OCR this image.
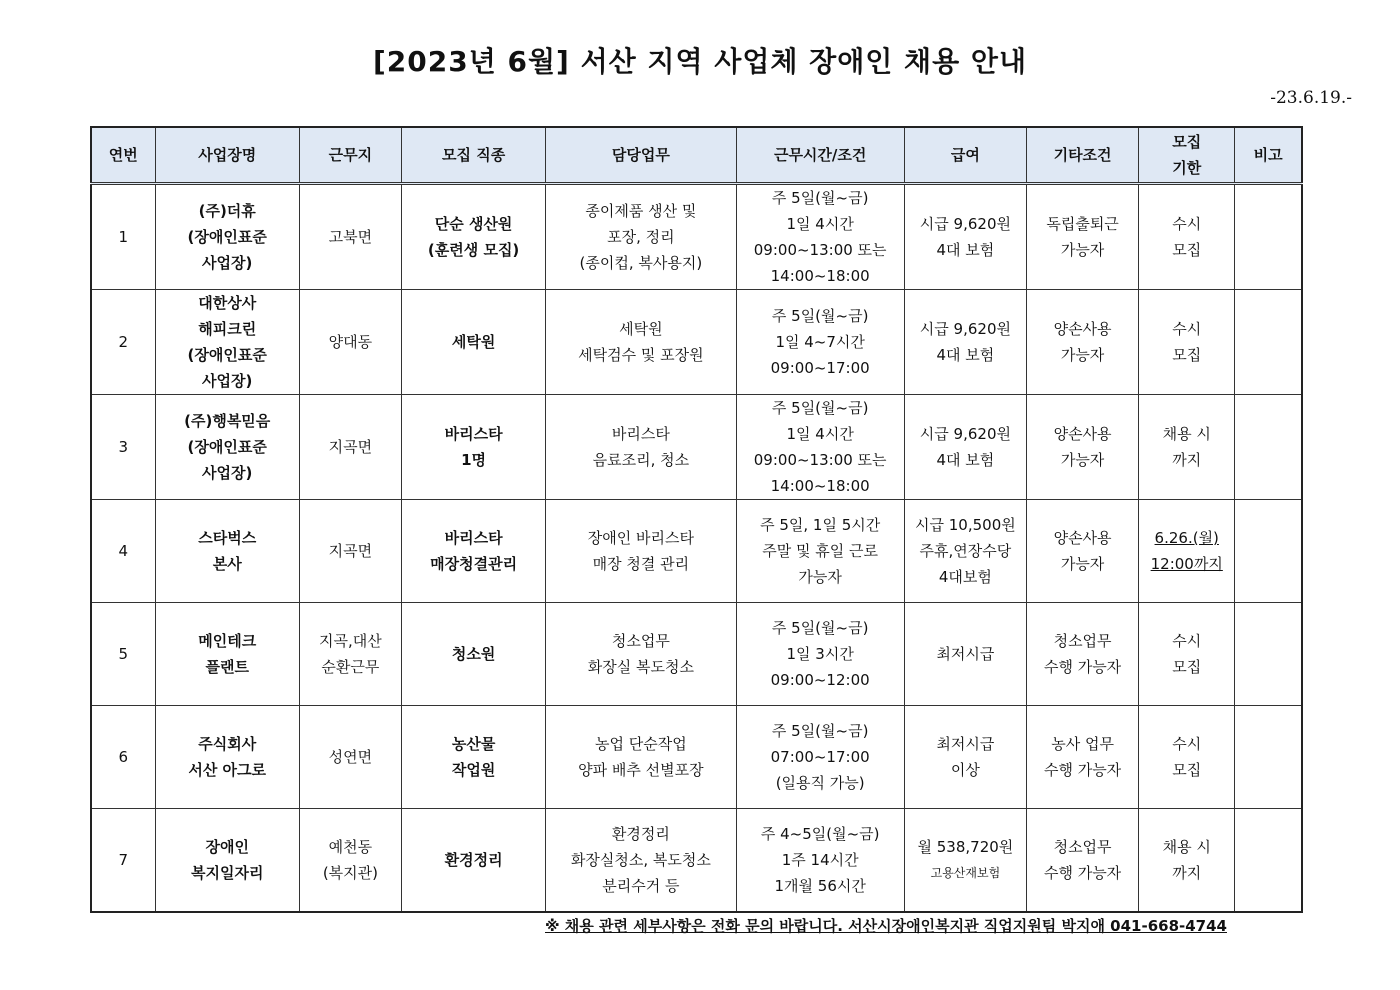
[2023년 6월] 서산 지역 사업체 장애인 채용 안내
-23.6.19.-
연번	사업장명	근무지	모집 직종	담당업무	근무시간/조건	급여	기타조건	모집
기한	비고
1	(주)더휴
(장애인표준
사업장)	고북면	단순 생산원
(훈련생 모집)	종이제품 생산 및
포장, 정리
(종이컵, 복사용지)	주 5일(월~금)
1일 4시간
09:00~13:00 또는
14:00~18:00	시급 9,620원
4대 보험	독립출퇴근
가능자	수시
모집	

2	대한상사
해피크린
(장애인표준
사업장)	양대동	세탁원	세탁원
세탁검수 및 포장원	주 5일(월~금)
1일 4~7시간
09:00~17:00	시급 9,620원
4대 보험	양손사용
가능자	수시
모집	

3	(주)행복믿음
(장애인표준
사업장)	지곡면	바리스타
1명	바리스타
음료조리, 청소	주 5일(월~금)
1일 4시간
09:00~13:00 또는
14:00~18:00	시급 9,620원
4대 보험	양손사용
가능자	채용 시
까지	

4	스타벅스
본사	지곡면	바리스타
매장청결관리	장애인 바리스타
매장 청결 관리	주 5일, 1일 5시간
주말 및 휴일 근로
가능자	시급 10,500원
주휴,연장수당
4대보험	양손사용
가능자	6.26.(월)
12:00까지	

5	메인테크
플랜트	지곡,대산
순환근무	청소원	청소업무
화장실 복도청소	주 5일(월~금)
1일 3시간
09:00~12:00	최저시급	청소업무
수행 가능자	수시
모집	

6	주식회사
서산 아그로	성연면	농산물
작업원	농업 단순작업
양파 배추 선별포장	주 5일(월~금)
07:00~17:00
(일용직 가능)	최저시급
이상	농사 업무
수행 가능자	수시
모집	

7	장애인
복지일자리	예천동
(복지관)	환경정리	환경정리
화장실청소, 복도청소
분리수거 등	주 4~5일(월~금)
1주 14시간
1개월 56시간	월 538,720원
고용산재보험	청소업무
수행 가능자	채용 시
까지	

※ 채용 관련 세부사항은 전화 문의 바랍니다. 서산시장애인복지관 직업지원팀 박지애 041-668-4744
